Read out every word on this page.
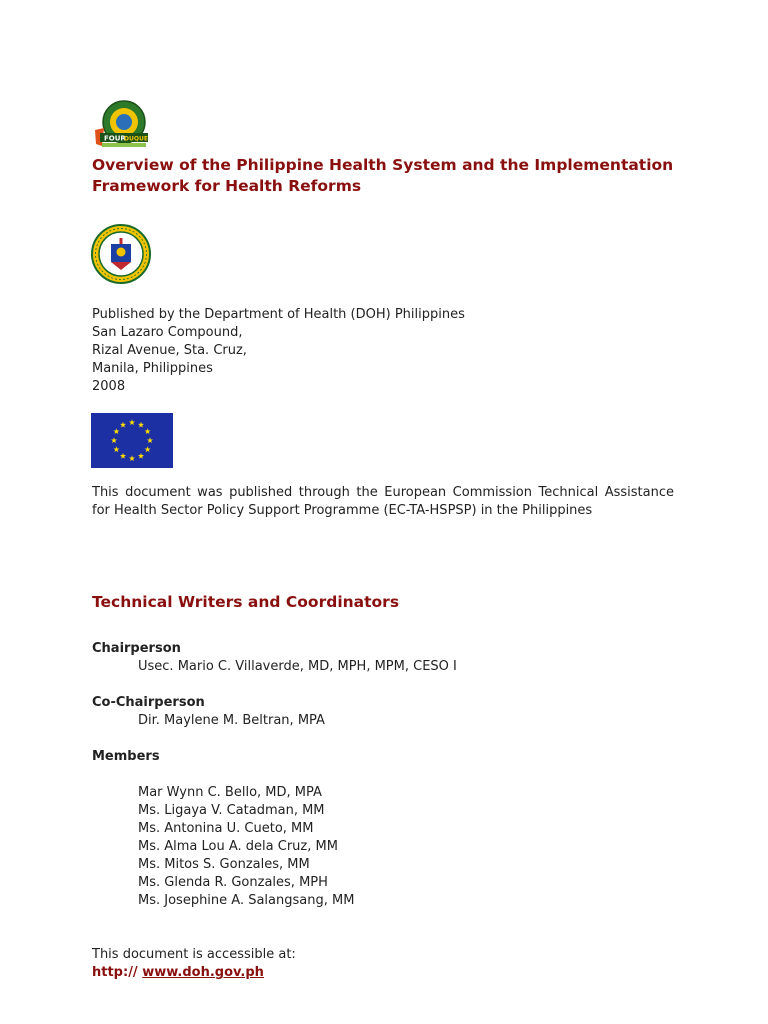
FOUR
DUQUE
Overview of the Philippine Health System and the Implementation
Framework for Health Reforms
Published by the Department of Health (DOH) Philippines
San Lazaro Compound,
Rizal Avenue, Sta. Cruz,
Manila, Philippines
2008
This document was published through the European Commission Technical Assistance for Health Sector Policy Support Programme (EC-TA-HSPSP) in the Philippines
Technical Writers and Coordinators
Chairperson
Usec. Mario C. Villaverde, MD, MPH, MPM, CESO I
Co-Chairperson
Dir. Maylene M. Beltran, MPA
Members
Mar Wynn C. Bello, MD, MPA
Ms. Ligaya V. Catadman, MM
Ms. Antonina U. Cueto, MM
Ms. Alma Lou A. dela Cruz, MM
Ms. Mitos S. Gonzales, MM
Ms. Glenda R. Gonzales, MPH
Ms. Josephine A. Salangsang, MM
This document is accessible at:
http:// www.doh.gov.ph
